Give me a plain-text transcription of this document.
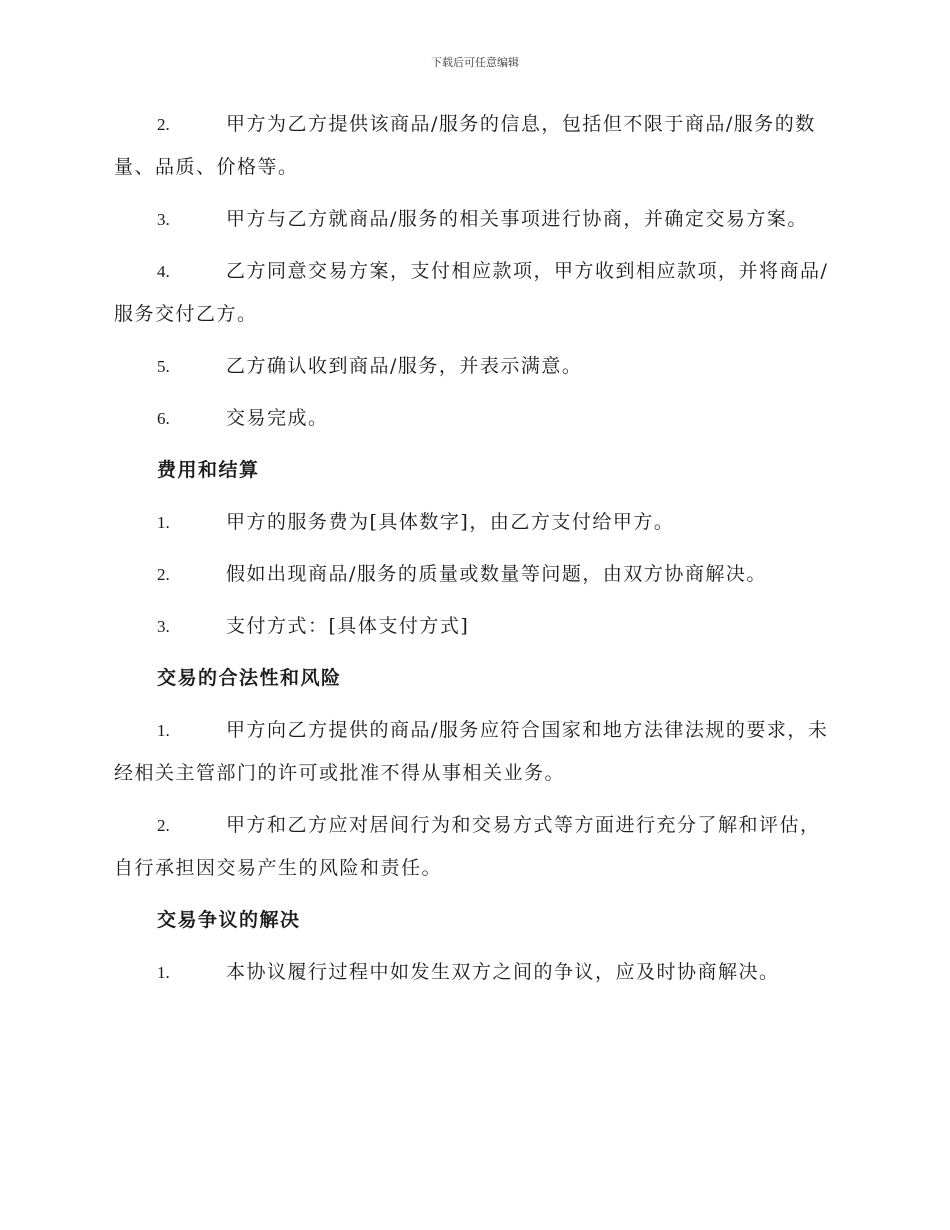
下载后可任意编辑
2.	甲方为乙方提供该商品/服务的信息，包括但不限于商品/服务的数量、品质、价格等。
3.	甲方与乙方就商品/服务的相关事项进行协商，并确定交易方案。
4.	乙方同意交易方案，支付相应款项，甲方收到相应款项，并将商品/服务交付乙方。
5.	乙方确认收到商品/服务，并表示满意。
6.	交易完成。
费用和结算
1.	甲方的服务费为[具体数字]，由乙方支付给甲方。
2.	假如出现商品/服务的质量或数量等问题，由双方协商解决。
3.	支付方式：[具体支付方式]
交易的合法性和风险
1.	甲方向乙方提供的商品/服务应符合国家和地方法律法规的要求，未经相关主管部门的许可或批准不得从事相关业务。
2.	甲方和乙方应对居间行为和交易方式等方面进行充分了解和评估，自行承担因交易产生的风险和责任。
交易争议的解决
1.	本协议履行过程中如发生双方之间的争议，应及时协商解决。
